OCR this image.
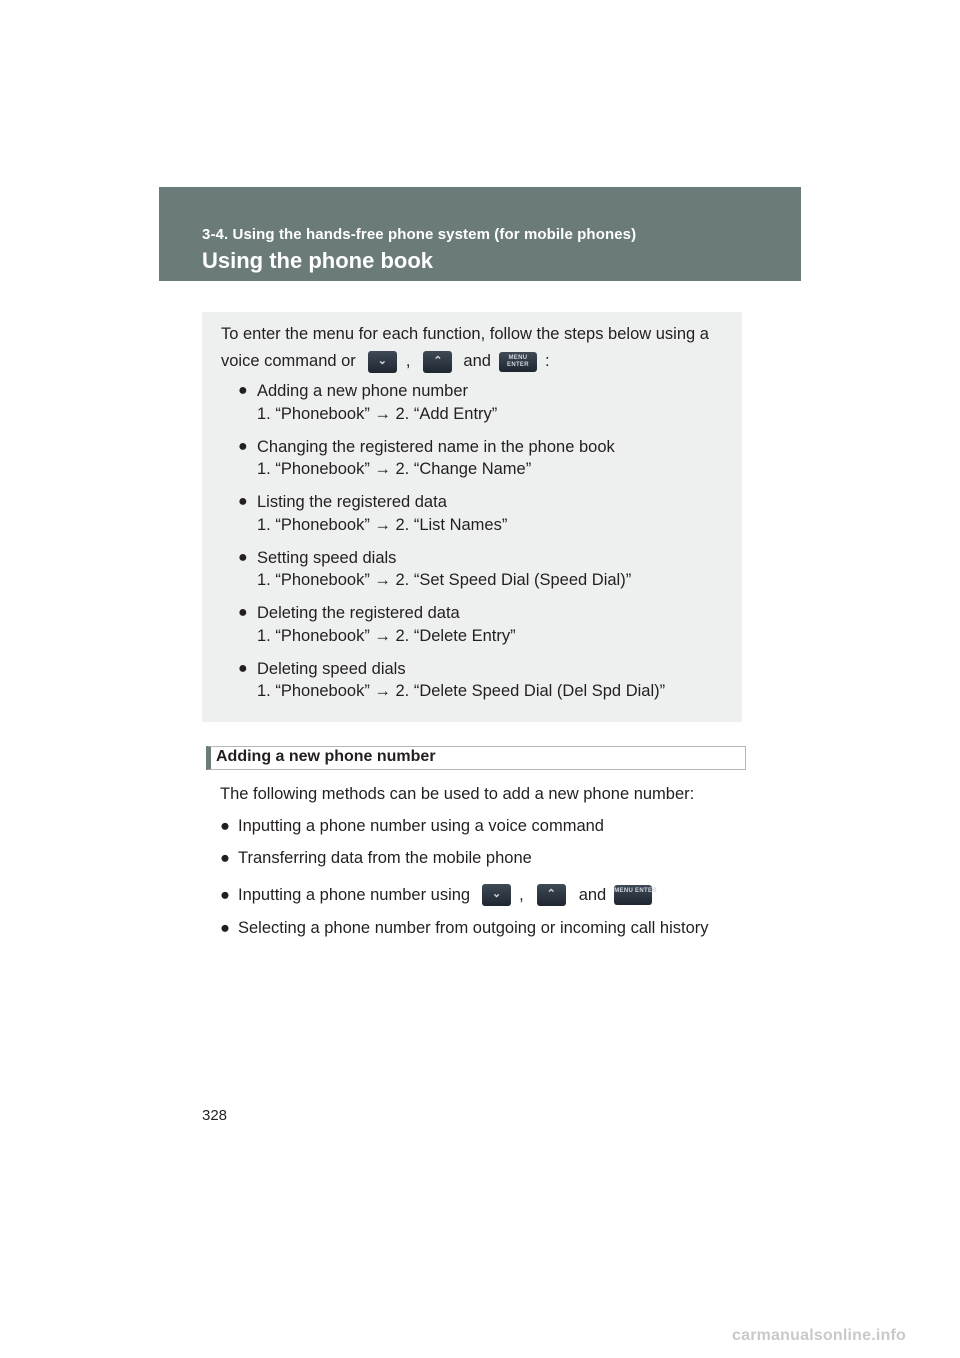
3-4. Using the hands-free phone system (for mobile phones)
Using the phone book
To enter the menu for each function, follow the steps below using a
voice command or	⌄	,	⌃	and	MENU ENTER :
● Adding a new phone number
1. “Phonebook” → 2. “Add Entry”
● Changing the registered name in the phone book
1. “Phonebook” → 2. “Change Name”
● Listing the registered data
1. “Phonebook” → 2. “List Names”
● Setting speed dials
1. “Phonebook” → 2. “Set Speed Dial (Speed Dial)”
● Deleting the registered data
1. “Phonebook” → 2. “Delete Entry”
● Deleting speed dials
1. “Phonebook” → 2. “Delete Speed Dial (Del Spd Dial)”
Adding a new phone number
The following methods can be used to add a new phone number:
● Inputting a phone number using a voice command
● Transferring data from the mobile phone
● Inputting a phone number using	⌄	,	⌃	and MENU ENTER
● Selecting a phone number from outgoing or incoming call history
328
carmanualsonline.info
